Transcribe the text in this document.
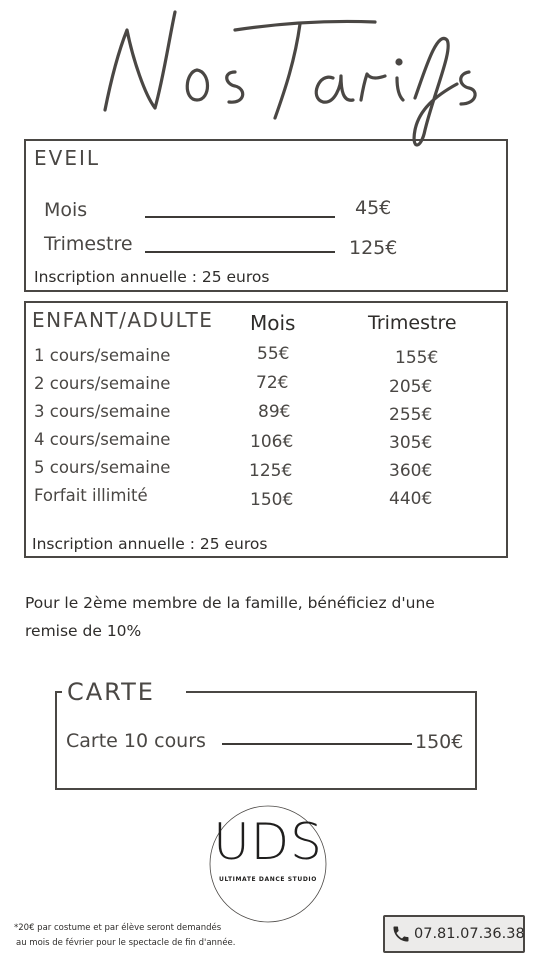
EVEIL
Mois	45€
Trimestre	125€
Inscription annuelle : 25 euros
ENFANT/ADULTE Mois	Trimestre
1 cours/semaine	55€	155€
2 cours/semaine	72€	205€
3 cours/semaine	89€	255€
4 cours/semaine	106€	305€
5 cours/semaine	125€	360€
Forfait illimité	150€	440€
Inscription annuelle : 25 euros
Pour le 2ème membre de la famille, bénéficiez d'une
remise de 10%
CARTE
Carte 10 cours	150€
UDS
ULTIMATE DANCE STUDIO
*20€ par costume et par élève seront demandés
au mois de février pour le spectacle de fin d'année.
07.81.07.36.38
